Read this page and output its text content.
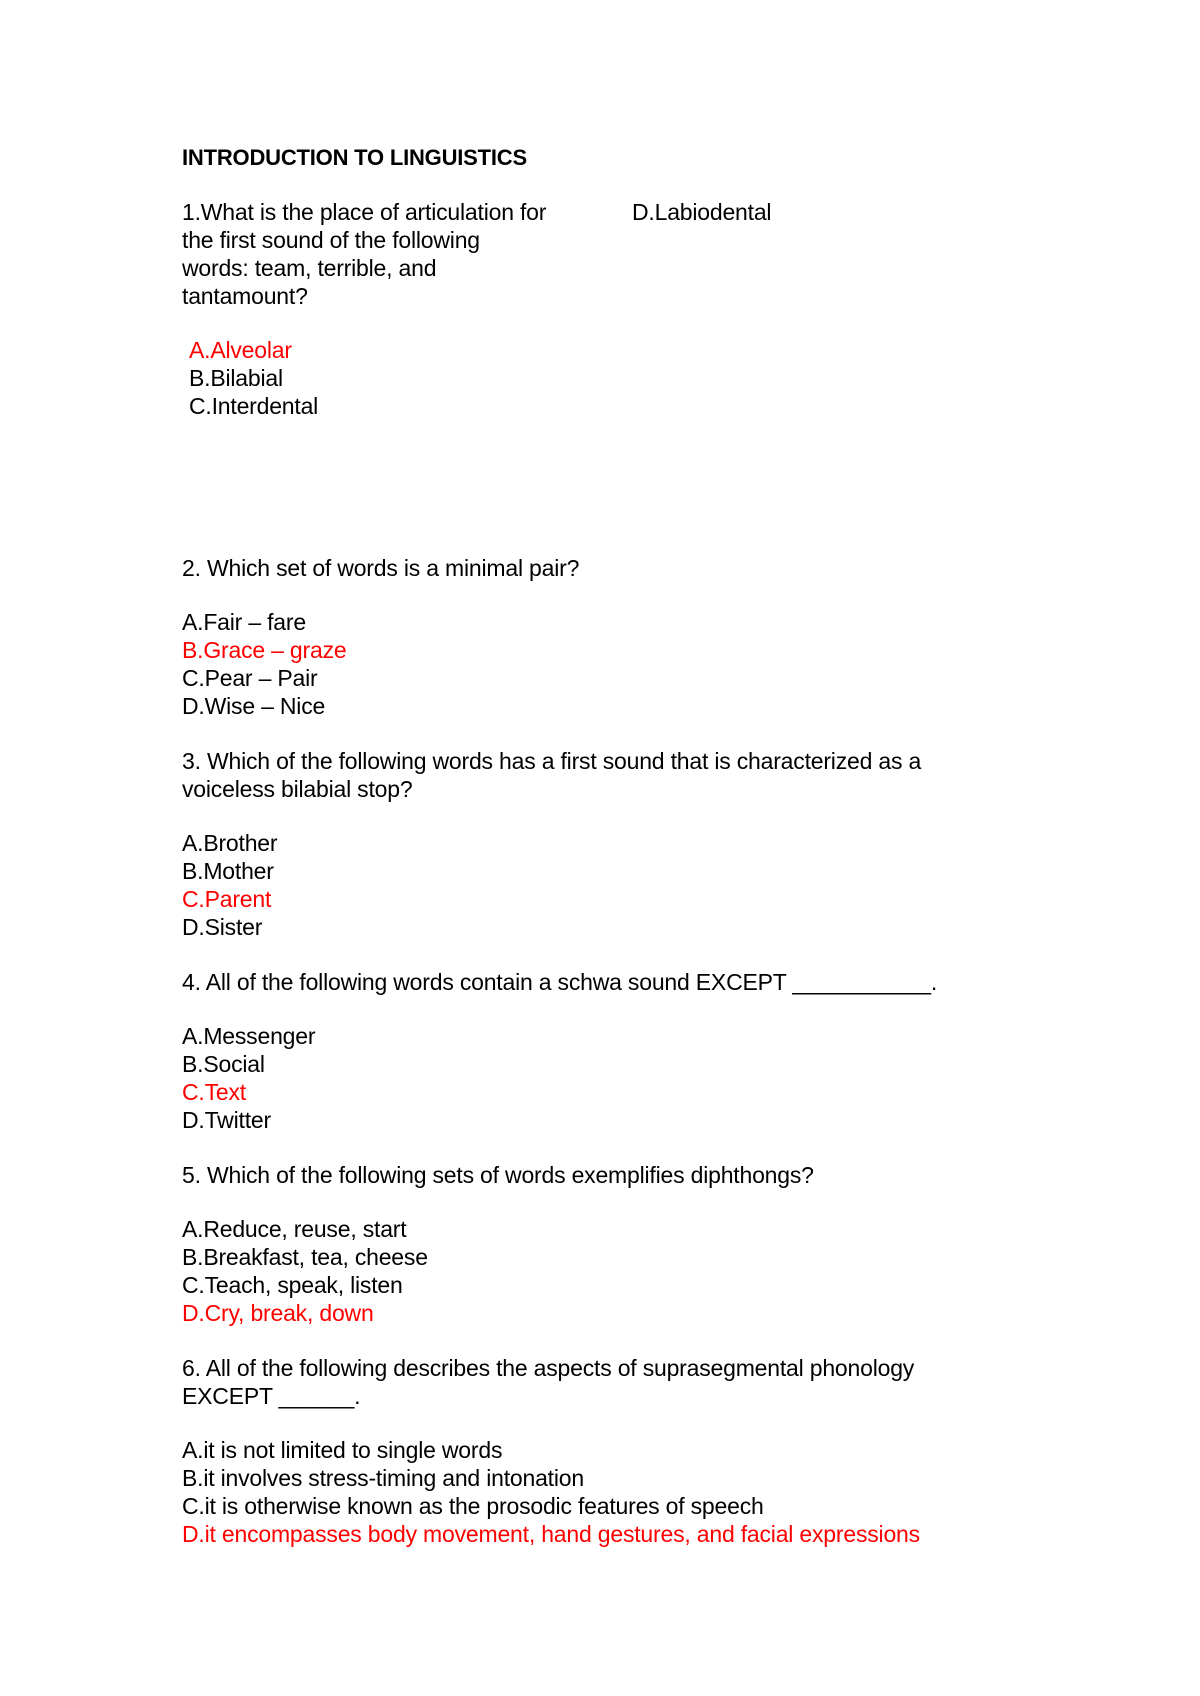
INTRODUCTION TO LINGUISTICS
1.What is the place of articulation for
the first sound of the following
words: team, terrible, and
tantamount?
A.Alveolar
B.Bilabial
C.Interdental
D.Labiodental
2. Which set of words is a minimal pair?
A.Fair – fare
B.Grace – graze
C.Pear – Pair
D.Wise – Nice
3. Which of the following words has a first sound that is characterized as a
voiceless bilabial stop?
A.Brother
B.Mother
C.Parent
D.Sister
4. All of the following words contain a schwa sound EXCEPT ___________.
A.Messenger
B.Social
C.Text
D.Twitter
5. Which of the following sets of words exemplifies diphthongs?
A.Reduce, reuse, start
B.Breakfast, tea, cheese
C.Teach, speak, listen
D.Cry, break, down
6. All of the following describes the aspects of suprasegmental phonology
EXCEPT ______.
A.it is not limited to single words
B.it involves stress-timing and intonation
C.it is otherwise known as the prosodic features of speech
D.it encompasses body movement, hand gestures, and facial expressions
